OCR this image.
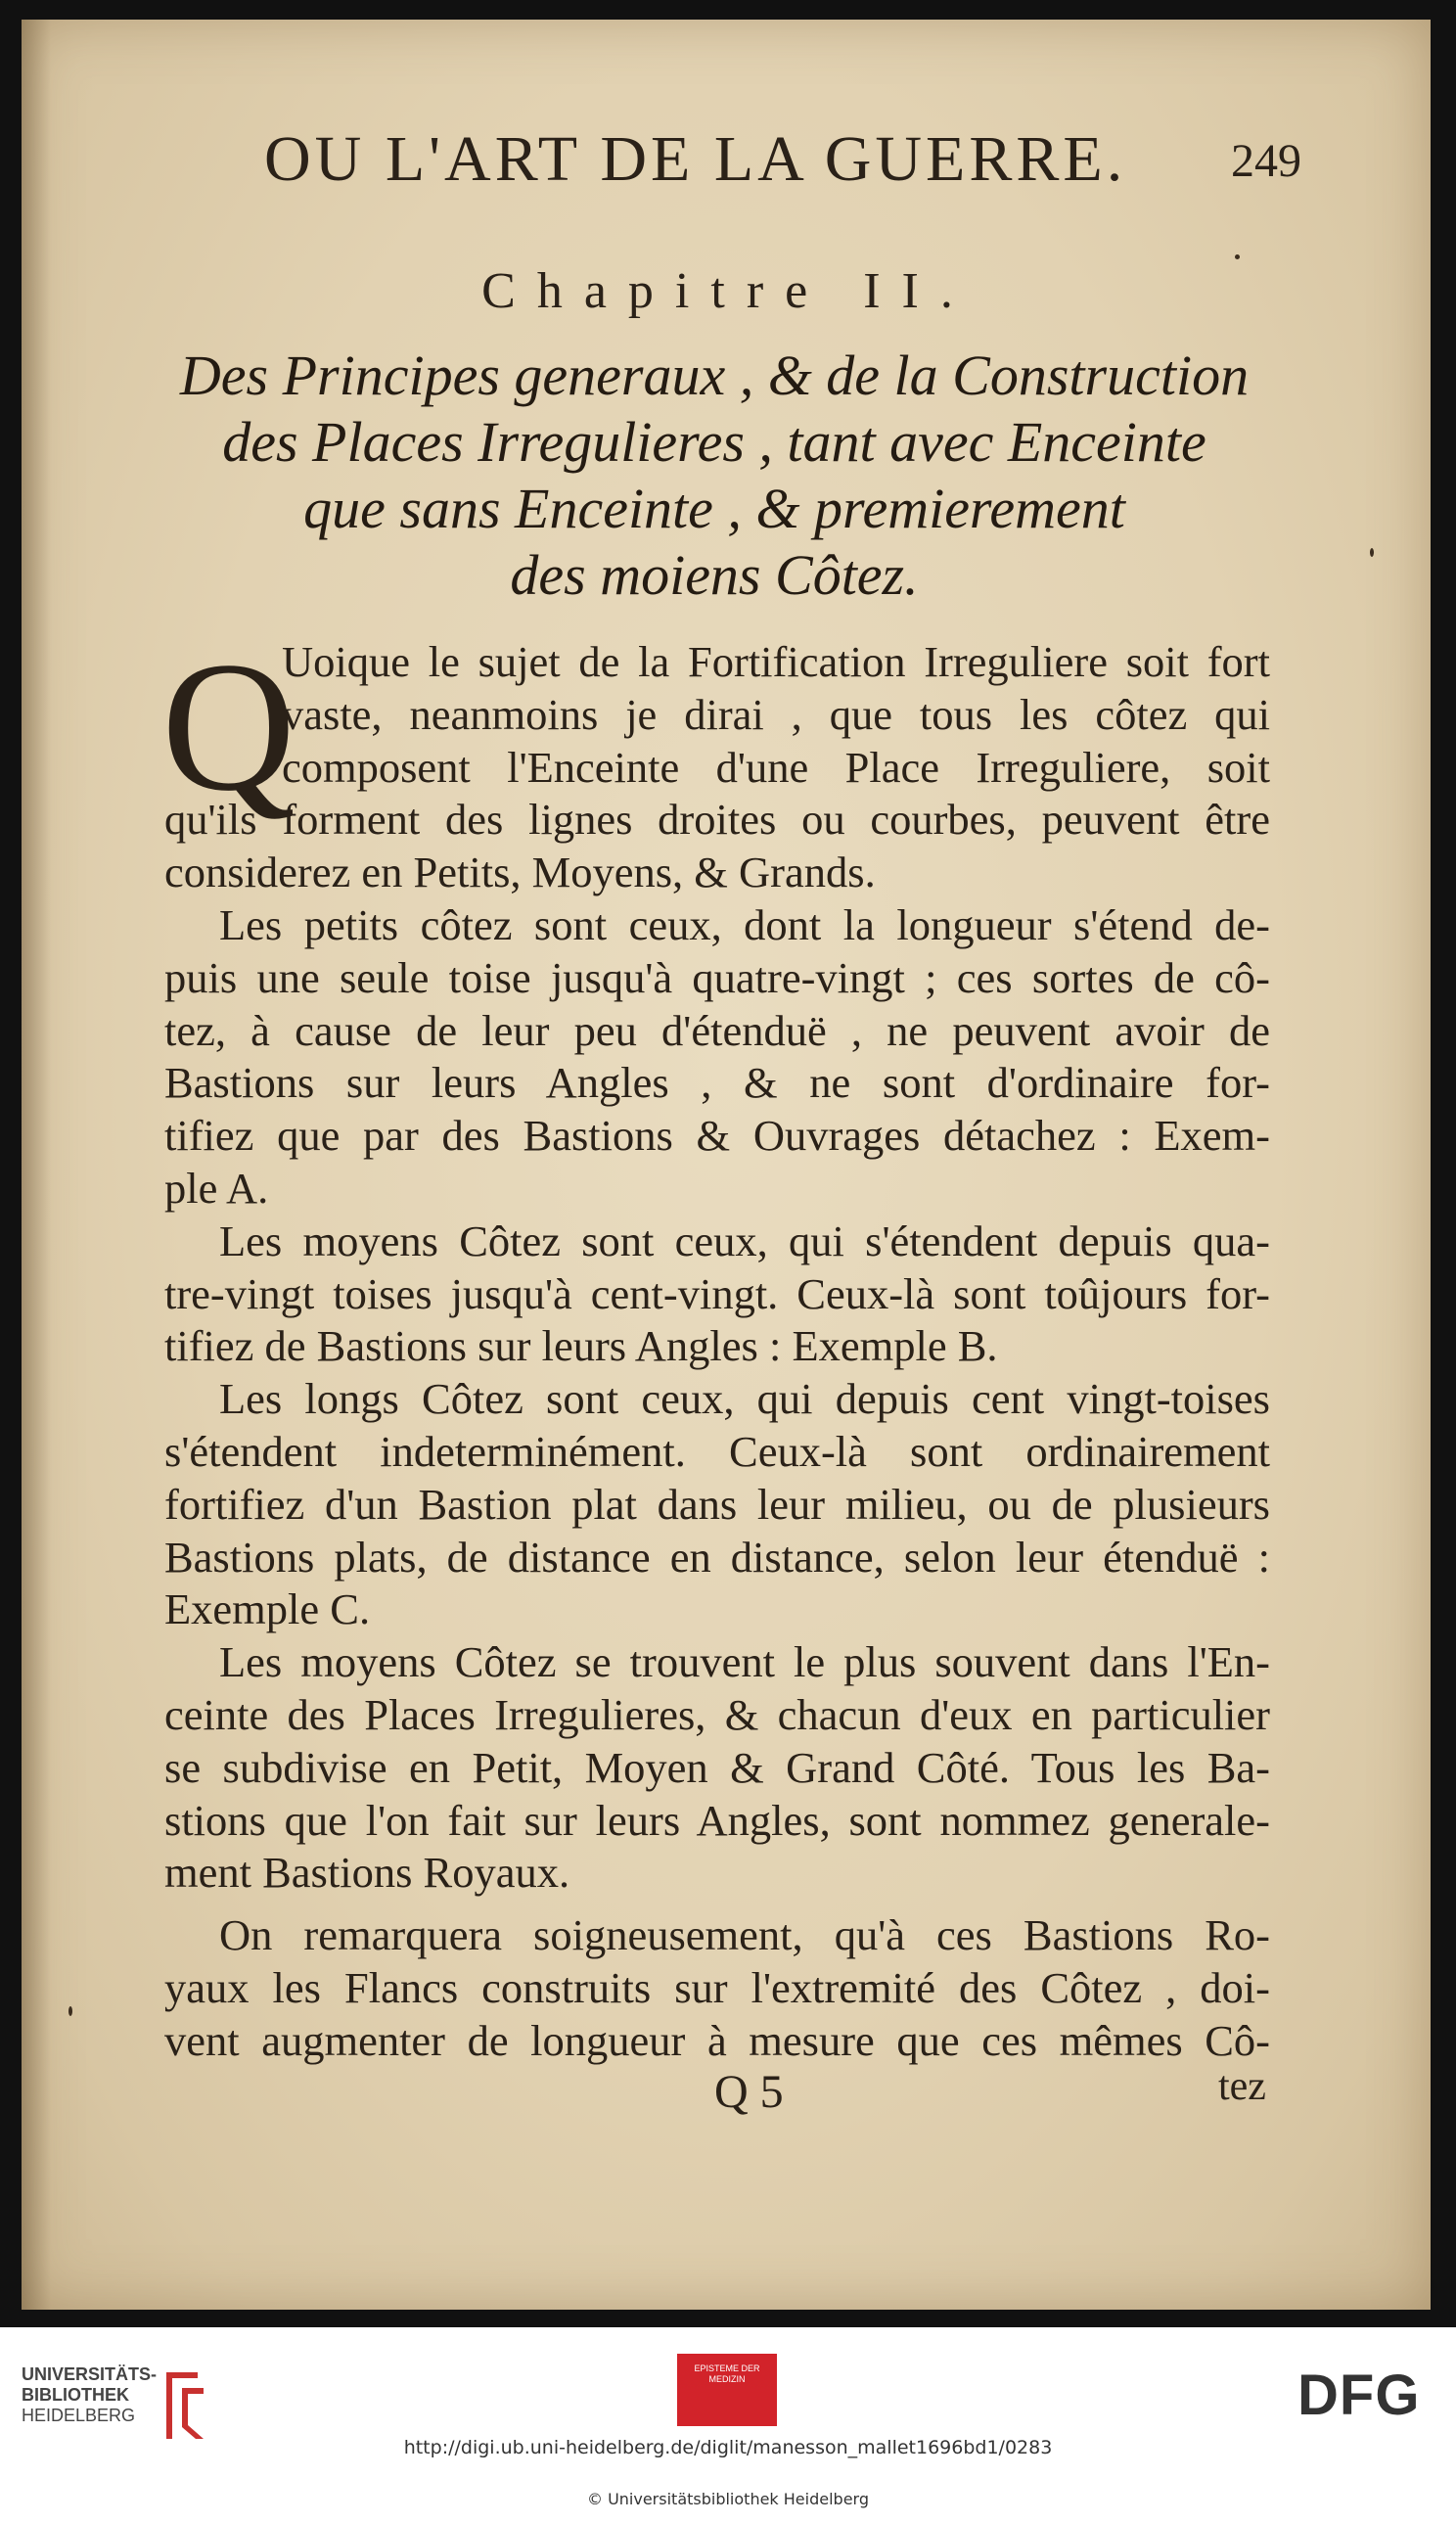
OU L'ART DE LA GUERRE. 249
Chapitre II.
Des Principes generaux , & de la Construction
des Places Irregulieres , tant avec Enceinte
que sans Enceinte , & premierement
des moiens Côtez.
Q
Uoique le sujet de la Fortification Irreguliere soit fort
vaste, neanmoins je dirai , que tous les côtez qui
composent l'Enceinte d'une Place Irreguliere, soit
qu'ils forment des lignes droites ou courbes, peuvent être
considerez en Petits, Moyens, & Grands.
Les petits côtez sont ceux, dont la longueur s'étend de-
puis une seule toise jusqu'à quatre-vingt ; ces sortes de cô-
tez, à cause de leur peu d'étenduë , ne peuvent avoir de
Bastions sur leurs Angles , & ne sont d'ordinaire for-
tifiez que par des Bastions & Ouvrages détachez : Exem-
ple A.
Les moyens Côtez sont ceux, qui s'étendent depuis qua-
tre-vingt toises jusqu'à cent-vingt. Ceux-là sont toûjours for-
tifiez de Bastions sur leurs Angles : Exemple B.
Les longs Côtez sont ceux, qui depuis cent vingt-toises
s'étendent indeterminément. Ceux-là sont ordinairement
fortifiez d'un Bastion plat dans leur milieu, ou de plusieurs
Bastions plats, de distance en distance, selon leur étenduë :
Exemple C.
Les moyens Côtez se trouvent le plus souvent dans l'En-
ceinte des Places Irregulieres, & chacun d'eux en particulier
se subdivise en Petit, Moyen & Grand Côté. Tous les Ba-
stions que l'on fait sur leurs Angles, sont nommez generale-
ment Bastions Royaux.
On remarquera soigneusement, qu'à ces Bastions Ro-
yaux les Flancs construits sur l'extremité des Côtez , doi-
vent augmenter de longueur à mesure que ces mêmes Cô-
Q 5	tez
UNIVERSITÄTS-
BIBLIOTHEK
HEIDELBERG
EPISTEME DER MEDIZIN	DFG
http://digi.ub.uni-heidelberg.de/diglit/manesson_mallet1696bd1/0283
© Universitätsbibliothek Heidelberg
